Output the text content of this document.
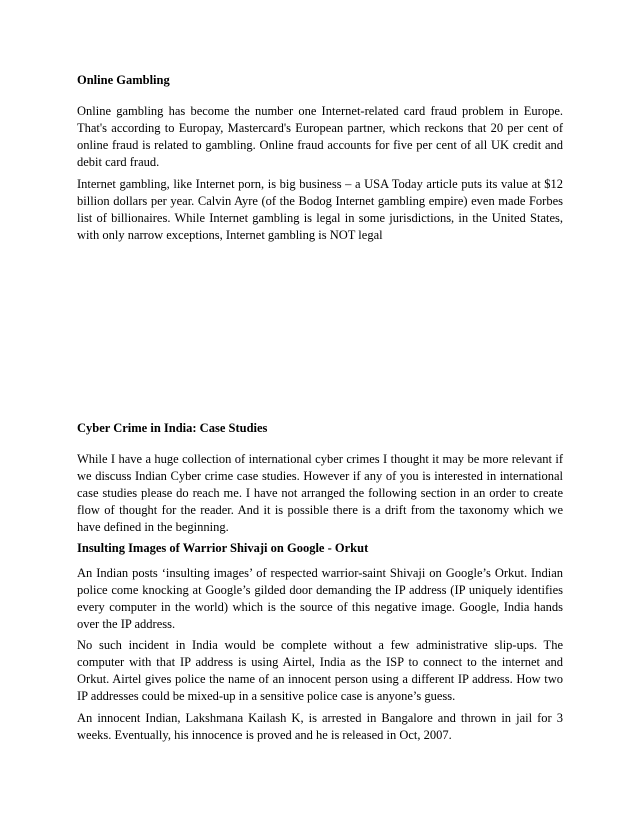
Online Gambling

Online gambling has become the number one Internet-related card fraud problem in Europe. That's according to Europay, Mastercard's European partner, which reckons that 20 per cent of online fraud is related to gambling. Online fraud accounts for five per cent of all UK credit and debit card fraud.

Internet gambling, like Internet porn, is big business – a USA Today article puts its value at $12 billion dollars per year. Calvin Ayre (of the Bodog Internet gambling empire) even made Forbes list of billionaires. While Internet gambling is legal in some jurisdictions, in the United States, with only narrow exceptions, Internet gambling is NOT legal

Cyber Crime in India: Case Studies

While I have a huge collection of international cyber crimes I thought it may be more relevant if we discuss Indian Cyber crime case studies. However if any of you is interested in international case studies please do reach me. I have not arranged the following section in an order to create flow of thought for the reader. And it is possible there is a drift from the taxonomy which we have defined in the beginning.

Insulting Images of Warrior Shivaji on Google - Orkut

An Indian posts ‘insulting images’ of respected warrior-saint Shivaji on Google’s Orkut. Indian police come knocking at Google’s gilded door demanding the IP address (IP uniquely identifies every computer in the world) which is the source of this negative image. Google, India hands over the IP address.

No such incident in India would be complete without a few administrative slip-ups. The computer with that IP address is using Airtel, India as the ISP to connect to the internet and Orkut. Airtel gives police the name of an innocent person using a different IP address. How two IP addresses could be mixed-up in a sensitive police case is anyone’s guess.

An innocent Indian, Lakshmana Kailash K, is arrested in Bangalore and thrown in jail for 3 weeks. Eventually, his innocence is proved and he is released in Oct, 2007.
